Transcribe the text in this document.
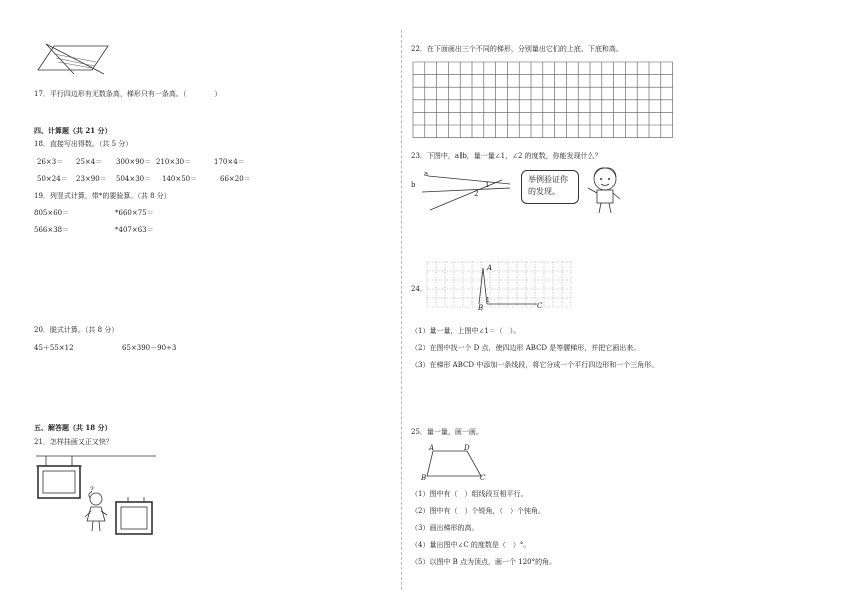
17．平行四边形有无数条高，梯形只有一条高。（　　　　）
四、计算题（共 21 分）
18．直接写出得数。（共 5 分）
26×3＝ 25×4＝ 300×90＝ 210×30＝	170×4＝
50×24＝ 23×90＝ 504×30＝ 140×50＝	66×20＝
19．列竖式计算，带*的要验算。（共 8 分）
805×60＝	*660×75＝
566×38＝	*407×63＝
20．脱式计算。（共 8 分）
45＋55×12	65×390－90÷3
五、解答题（共 18 分）
21．怎样挂画又正又快？
?
22．在下面画出三个不同的梯形，分别量出它们的上底、下底和高。
23．下图中，a∥b，量一量∠1，∠2 的度数，你能发现什么？
a
b	1
2
举例验证你
的发现。
24．
A
B	C
1
（1）量一量，上图中∠1＝（　）。
（2）在图中找一个 D 点，使四边形 ABCD 是等腰梯形，并把它画出来。
（3）在梯形 ABCD 中添加一条线段，将它分成一个平行四边形和一个三角形。
25．量一量，画一画。
A	D
B	C
（1）图中有（　）组线段互相平行。
（2）图中有（　）个锐角，（　）个钝角。
（3）画出梯形的高。
（4）量出图中∠C 的度数是（　）°。
（5）以图中 B 点为顶点，画一个 120°的角。
